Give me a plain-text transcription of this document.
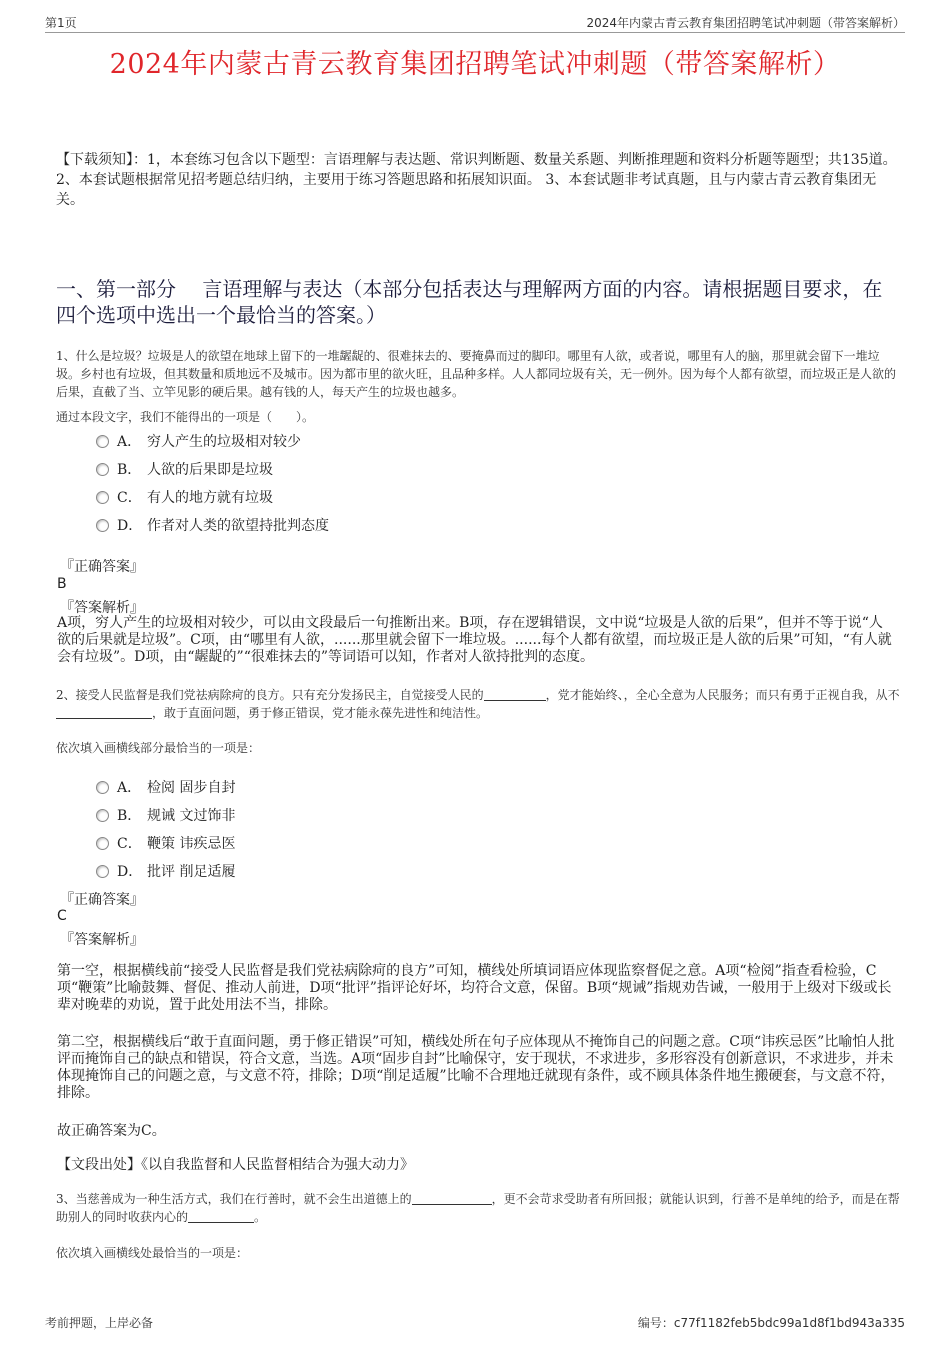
第1页	2024年内蒙古青云教育集团招聘笔试冲刺题（带答案解析）
2024年内蒙古青云教育集团招聘笔试冲刺题（带答案解析）
【下载须知】：1，本套练习包含以下题型：言语理解与表达题、常识判断题、数量关系题、判断推理题和资料分析题等题型；共135道。 2、本套试题根据常见招考题总结归纳，主要用于练习答题思路和拓展知识面。 3、本套试题非考试真题，且与内蒙古青云教育集团无关。
一、第一部分　 言语理解与表达（本部分包括表达与理解两方面的内容。请根据题目要求，在四个选项中选出一个最恰当的答案。）
1、什么是垃圾？垃圾是人的欲望在地球上留下的一堆龌龊的、很难抹去的、要掩鼻而过的脚印。哪里有人欲，或者说，哪里有人的脑，那里就会留下一堆垃圾。乡村也有垃圾，但其数量和质地远不及城市。因为都市里的欲火旺，且品种多样。人人都同垃圾有关，无一例外。因为每个人都有欲望，而垃圾正是人欲的后果，直截了当、立竿见影的硬后果。越有钱的人，每天产生的垃圾也越多。
通过本段文字，我们不能得出的一项是（　　）。
A． 穷人产生的垃圾相对较少
B． 人欲的后果即是垃圾
C． 有人的地方就有垃圾
D． 作者对人类的欲望持批判态度
『正确答案』
B
『答案解析』
A项，穷人产生的垃圾相对较少，可以由文段最后一句推断出来。B项，存在逻辑错误，文中说“垃圾是人欲的后果”，但并不等于说“人欲的后果就是垃圾”。C项，由“哪里有人欲，......那里就会留下一堆垃圾。......每个人都有欲望，而垃圾正是人欲的后果”可知，“有人就会有垃圾”。D项，由“龌龊的”“很难抹去的”等词语可以知，作者对人欲持批判的态度。
2、接受人民监督是我们党祛病除疴的良方。只有充分发扬民主，自觉接受人民的	，党才能始终、，全心全意为人民服务；而只有勇于正视自我，从不，敢于直面问题，勇于修正错误，党才能永葆先进性和纯洁性。
依次填入画横线部分最恰当的一项是：
A． 检阅 固步自封
B． 规诫 文过饰非
C． 鞭策 讳疾忌医
D． 批评 削足适履
『正确答案』
C
『答案解析』
第一空，根据横线前“接受人民监督是我们党祛病除疴的良方”可知，横线处所填词语应体现监察督促之意。A项“检阅”指查看检验，C项“鞭策”比喻鼓舞、督促、推动人前进，D项“批评”指评论好坏，均符合文意，保留。B项“规诫”指规劝告诫，一般用于上级对下级或长辈对晚辈的劝说，置于此处用法不当，排除。
第二空，根据横线后“敢于直面问题，勇于修正错误”可知，横线处所在句子应体现从不掩饰自己的问题之意。C项“讳疾忌医”比喻怕人批评而掩饰自己的缺点和错误，符合文意，当选。A项“固步自封”比喻保守，安于现状，不求进步，多形容没有创新意识，不求进步，并未体现掩饰自己的问题之意，与文意不符，排除；D项“削足适履”比喻不合理地迁就现有条件，或不顾具体条件地生搬硬套，与文意不符，排除。
故正确答案为C。
【文段出处】《以自我监督和人民监督相结合为强大动力》
3、当慈善成为一种生活方式，我们在行善时，就不会生出道德上的	，更不会苛求受助者有所回报；就能认识到，行善不是单纯的给予，而是在帮助别人的同时收获内心的	。
依次填入画横线处最恰当的一项是：
考前押题，上岸必备	编号：c77f1182feb5bdc99a1d8f1bd943a335
